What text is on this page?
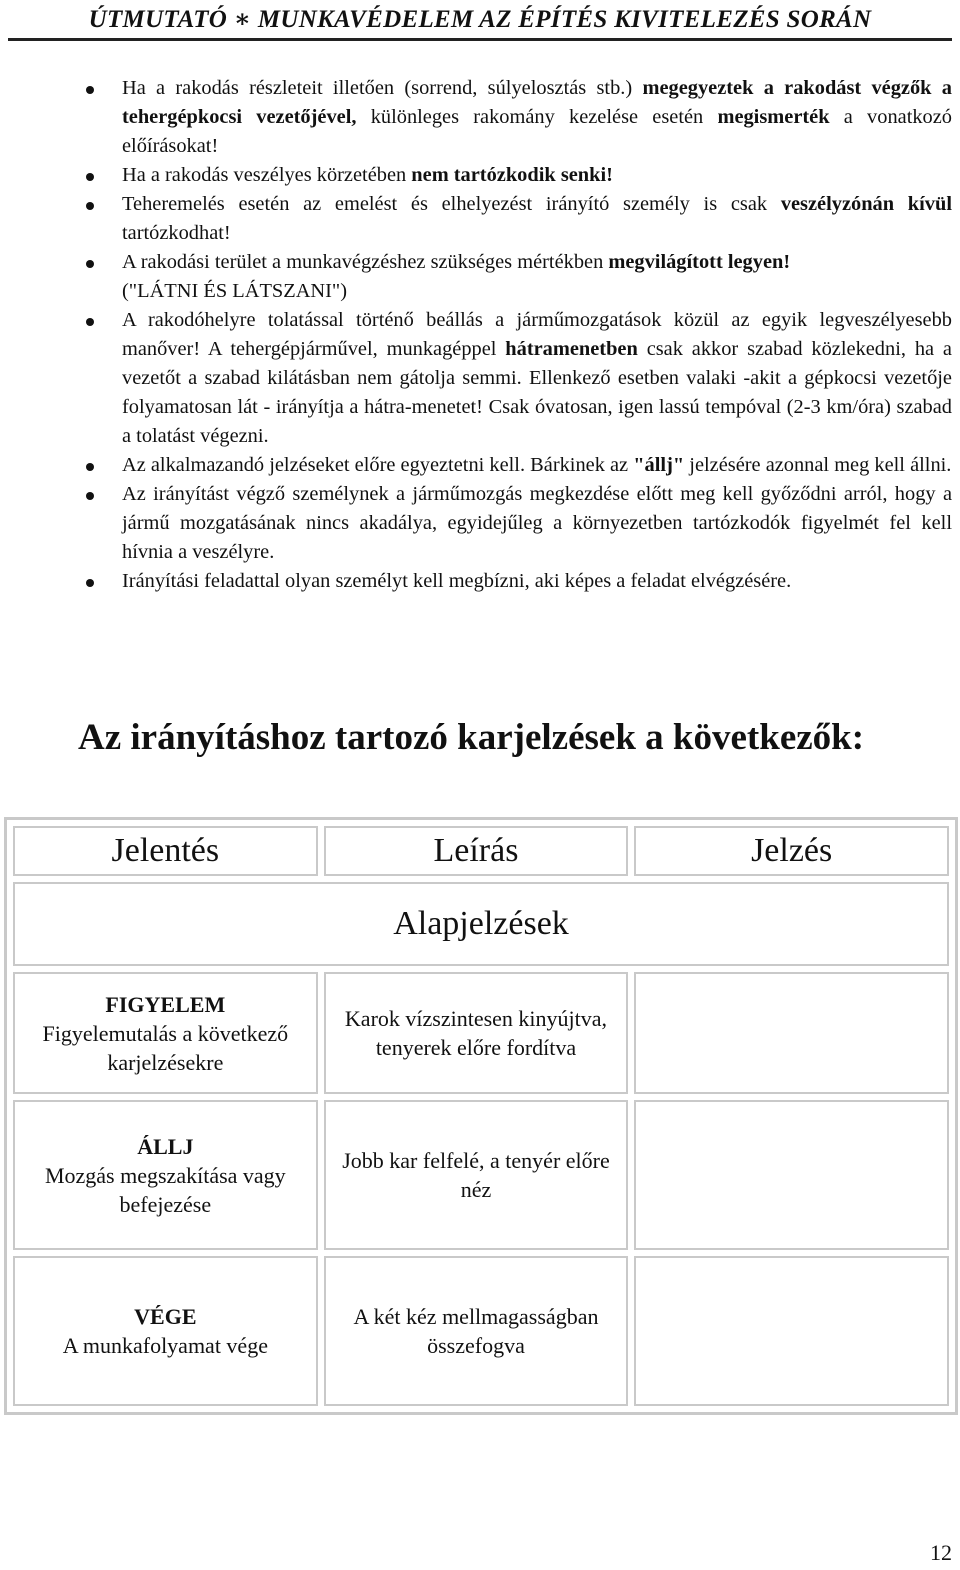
ÚTMUTATÓ ∗ MUNKAVÉDELEM AZ ÉPÍTÉS KIVITELEZÉS SORÁN
Ha a rakodás részleteit illetően (sorrend, súlyelosztás stb.) megegyeztek a rakodást végzők a tehergépkocsi vezetőjével, különleges rakomány kezelése esetén megismerték a vonatkozó előírásokat!
Ha a rakodás veszélyes körzetében nem tartózkodik senki!
Teheremelés esetén az emelést és elhelyezést irányító személy is csak veszélyzónán kívül tartózkodhat!
A rakodási terület a munkavégzéshez szükséges mértékben megvilágított legyen!
("LÁTNI ÉS LÁTSZANI")
A rakodóhelyre tolatással történő beállás a járműmozgatások közül az egyik legveszélyesebb manőver! A tehergépjárművel, munkagéppel hátramenetben csak akkor szabad közlekedni, ha a vezetőt a szabad kilátásban nem gátolja semmi. Ellenkező esetben valaki -akit a gépkocsi vezetője folyamatosan lát - irányítja a hátra-menetet! Csak óvatosan, igen lassú tempóval (2-3 km/óra) szabad a tolatást végezni.
Az alkalmazandó jelzéseket előre egyeztetni kell. Bárkinek az "állj" jelzésére azonnal meg kell állni.
Az irányítást végző személynek a járműmozgás megkezdése előtt meg kell győződni arról, hogy a jármű mozgatásának nincs akadálya, egyidejűleg a környezetben tartózkodók figyelmét fel kell hívnia a veszélyre.
Irányítási feladattal olyan személyt kell megbízni, aki képes a feladat elvégzésére.
Az irányításhoz tartozó karjelzések a következők:
Jelentés	Leírás	Jelzés
Alapjelzések		

FIGYELEM
Figyelemutalás a következő karjelzésekre	Karok vízszintesen kinyújtva, tenyerek előre fordítva	

ÁLLJ
Mozgás megszakítása vagy befejezése	Jobb kar felfelé, a tenyér előre néz	

VÉGE
A munkafolyamat vége	A két kéz mellmagasságban összefogva	
12
